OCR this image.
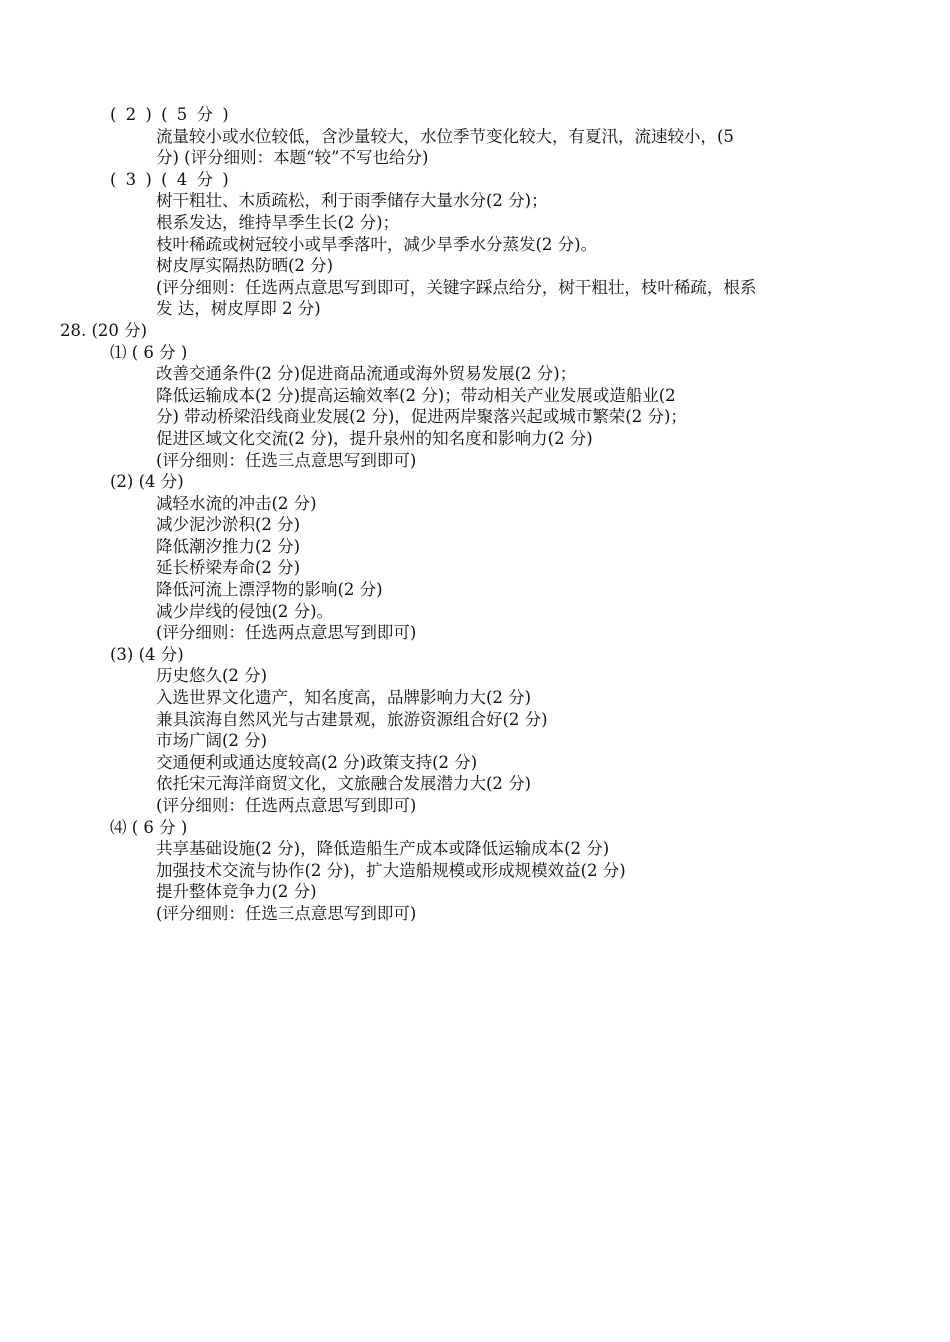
( 2 ) ( 5 分 )
流量较小或水位较低，含沙量较大，水位季节变化较大，有夏汛，流速较小，(5
分) (评分细则：本题“较”不写也给分)
( 3 ) ( 4 分 )
树干粗壮、木质疏松，利于雨季储存大量水分(2 分)；
根系发达，维持旱季生长(2 分)；
枝叶稀疏或树冠较小或旱季落叶，减少旱季水分蒸发(2 分)。
树皮厚实隔热防晒(2 分)
(评分细则：任选两点意思写到即可，关键字踩点给分，树干粗壮，枝叶稀疏，根系
发 达，树皮厚即 2 分)
28. (20 分)
⑴ ( 6 分 )
改善交通条件(2 分)促进商品流通或海外贸易发展(2 分)；
降低运输成本(2 分)提高运输效率(2 分)；带动相关产业发展或造船业(2
分) 带动桥梁沿线商业发展(2 分)，促进两岸聚落兴起或城市繁荣(2 分)；
促进区域文化交流(2 分)，提升泉州的知名度和影响力(2 分)
(评分细则：任选三点意思写到即可)
(2) (4 分)
减轻水流的冲击(2 分)
减少泥沙淤积(2 分)
降低潮汐推力(2 分)
延长桥梁寿命(2 分)
降低河流上漂浮物的影响(2 分)
减少岸线的侵蚀(2 分)。
(评分细则：任选两点意思写到即可)
(3) (4 分)
历史悠久(2 分)
入选世界文化遗产，知名度高，品牌影响力大(2 分)
兼具滨海自然风光与古建景观，旅游资源组合好(2 分)
市场广阔(2 分)
交通便利或通达度较高(2 分)政策支持(2 分)
依托宋元海洋商贸文化，文旅融合发展潜力大(2 分)
(评分细则：任选两点意思写到即可)
⑷ ( 6 分 )
共享基础设施(2 分)，降低造船生产成本或降低运输成本(2 分)
加强技术交流与协作(2 分)，扩大造船规模或形成规模效益(2 分)
提升整体竞争力(2 分)
(评分细则：任选三点意思写到即可)
